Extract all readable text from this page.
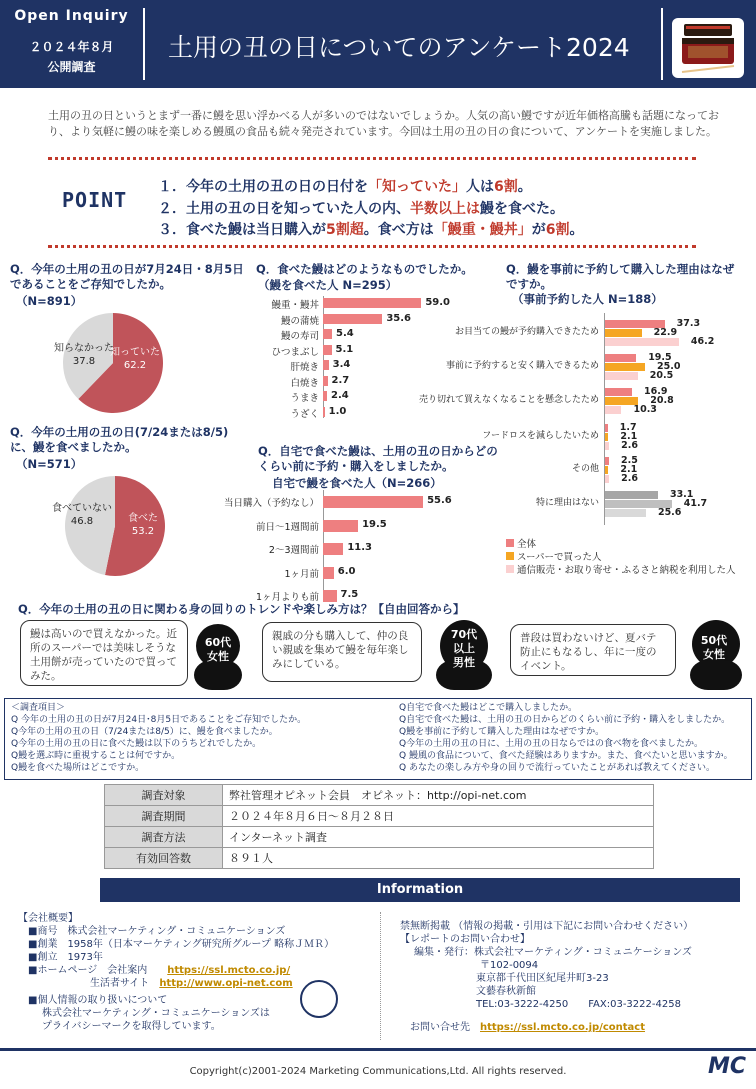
Open Inquiry
２０２４年８月
公開調査
土用の丑の日についてのアンケート2024
土用の丑の日というとまず一番に鰻を思い浮かべる人が多いのではないでしょうか。人気の高い鰻ですが近年価格高騰も話題になっており、より気軽に鰻の味を楽しめる鰻風の食品も続々発売されています。今回は土用の丑の日の食について、アンケートを実施しました。
POINT
１．今年の土用の丑の日の日付を「知っていた」人は6割。
２．土用の丑の日を知っていた人の内、半数以上は鰻を食べた。
３．食べた鰻は当日購入が5割超。食べ方は「鰻重・鰻丼」が6割。
Q．今年の土用の丑の日が7月24日・8月5日であることをご存知でしたか。
（N=891）
知っていた
62.2
知らなかった
37.8
Q．今年の土用の丑の日(7/24または8/5)に、鰻を食べましたか。
（N=571）
食べた
53.2
食べていない
46.8
Q．食べた鰻はどのようなものでしたか。
（鰻を食べた人 N=295）
鰻重・鰻丼	59.0
鰻の蒲焼	35.6
鰻の寿司 5.4
ひつまぶし 5.1
肝焼き 3.4
白焼き 2.7
うまき 2.4
うざく 1.0
Q．自宅で食べた鰻は、土用の丑の日からどのくらい前に予約・購入をしましたか。
自宅で鰻を食べた人（N=266）
当日購入（予約なし）	55.6
前日～1週間前	19.5
2～3週間前	11.3
1ヶ月前 6.0
1ヶ月よりも前 7.5
Q．鰻を事前に予約して購入した理由はなぜですか。
（事前予約した人 N=188）
お目当ての鰻が予約購入できたため
37.3
22.9
46.2
事前に予約すると安く購入できるため
19.5
25.0
20.5
売り切れて買えなくなることを懸念したため
16.9
20.8
10.3
フードロスを減らしたいため
1.7
2.1
2.6
その他
2.5
2.1
2.6
特に理由はない
33.1
41.7
25.6
全体
スーパーで買った人
通信販売・お取り寄せ・ふるさと納税を利用した人
Q．今年の土用の丑の日に関わる身の回りのトレンドや楽しみ方は？【自由回答から】
鰻は高いので買えなかった。近所のスーパーでは美味しそうな土用餅が売っていたので買ってみた。
60代
女性
親戚の分も購入して、仲の良い親戚を集めて鰻を毎年楽しみにしている。
70代
以上
男性
普段は買わないけど、夏バテ防止にもなるし、年に一度のイベント。
50代
女性
＜調査項目＞
Q 今年の土用の丑の日が7月24日･8月5日であることをご存知でしたか。
Q今年の土用の丑の日（7/24または8/5）に、鰻を食べましたか。
Q今年の土用の丑の日に食べた鰻は以下のうちどれでしたか。
Q鰻を選ぶ時に重視することは何ですか。
Q鰻を食べた場所はどこですか。
Q自宅で食べた鰻はどこで購入しましたか。
Q自宅で食べた鰻は、土用の丑の日からどのくらい前に予約・購入をしましたか。
Q鰻を事前に予約して購入した理由はなぜですか。
Q今年の土用の丑の日に、土用の丑の日ならではの食べ物を食べましたか。
Q 鰻風の食品について、食べた経験はありますか。また、食べたいと思いますか。
Q あなたの楽しみ方や身の回りで流行っていたことがあれば教えてください。
調査対象	弊社管理オピネット会員　オピネット：http://opi-net.com
調査期間	２０２４年８月６日～８月２８日
調査方法	インターネット調査
有効回答数	８９１人
Information
【会社概要】
■商号　株式会社マーケティング・コミュニケーションズ
■創業　1958年（日本マーケティング研究所グループ 略称ＪＭＲ）
■創立　1973年
■ホームページ　会社案内　　 https://ssl.mcto.co.jp/
生活者サイト　 http://www.opi-net.com
■個人情報の取り扱いについて
株式会社マーケティング・コミュニケーションズは
プライバシーマークを取得しています。
禁無断掲載 （情報の掲載・引用は下記にお問い合わせください）
【レポートのお問い合わせ】
編集・発行：株式会社マーケティング・コミュニケーションズ
〒102-0094
東京都千代田区紀尾井町3-23
文藝春秋新館
TEL:03-3222-4250　　FAX:03-3222-4258
お問い合せ先　 https://ssl.mcto.co.jp/contact
Copyright(c)2001-2024 Marketing Communications,Ltd. All rights reserved.	MC
